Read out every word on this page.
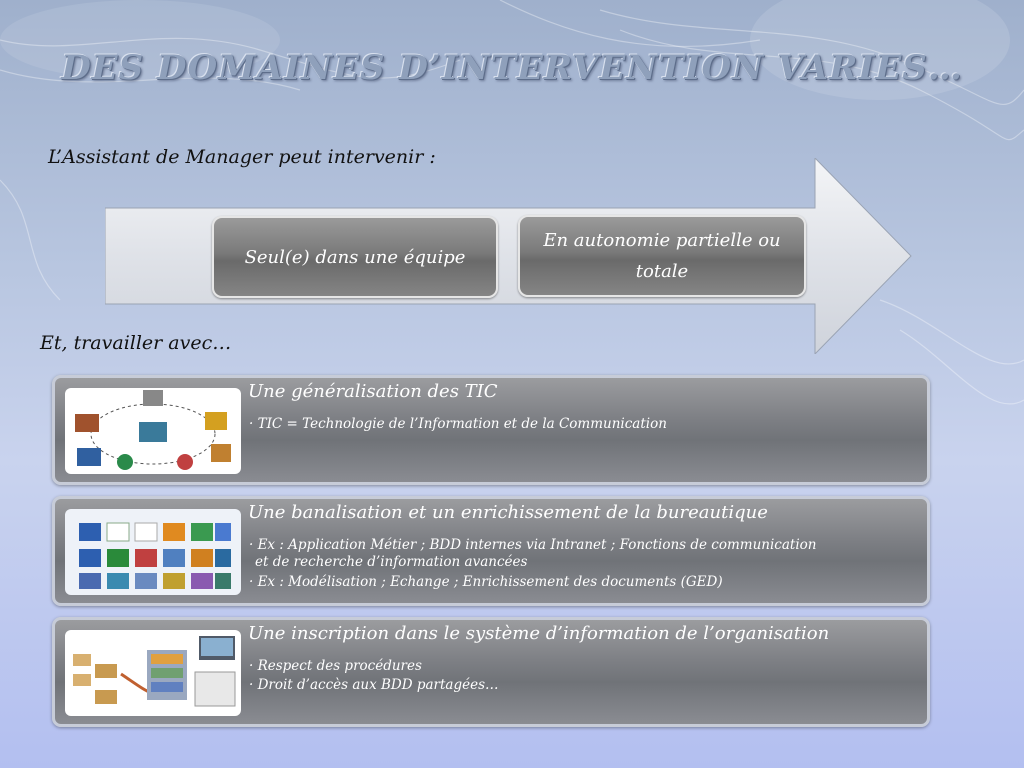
DES DOMAINES D’INTERVENTION VARIES…
L’Assistant de Manager peut intervenir :
Seul(e) dans une équipe
En autonomie partielle ou totale
Et, travailler avec…
Une généralisation des TIC
· TIC = Technologie de l’Information et de la Communication
Une banalisation et un enrichissement de la bureautique
· Ex : Application Métier ; BDD internes via Intranet ; Fonctions de communication
et de recherche d’information avancées
· Ex : Modélisation ; Echange ; Enrichissement des documents (GED)
Une inscription dans le système d’information de l’organisation
· Respect des procédures
· Droit d’accès aux BDD partagées…
